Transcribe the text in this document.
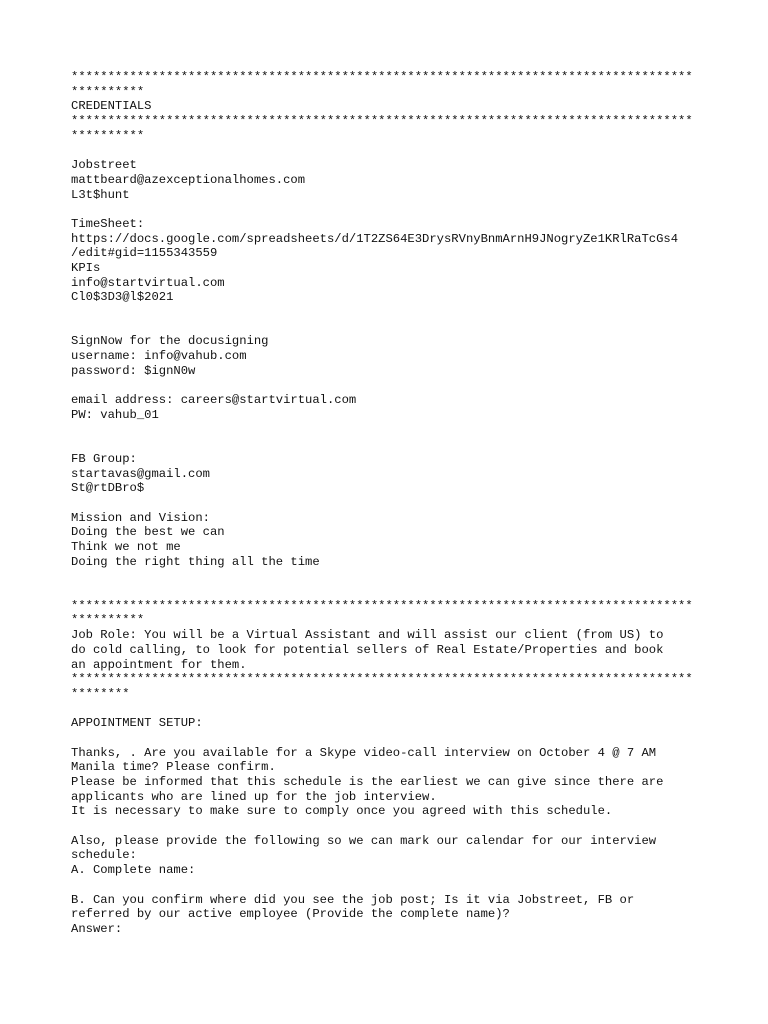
*************************************************************************************
**********
CREDENTIALS
*************************************************************************************
**********
Jobstreet
mattbeard@azexceptionalhomes.com
L3t$hunt
TimeSheet:
https://docs.google.com/spreadsheets/d/1T2ZS64E3DrysRVnyBnmArnH9JNogryZe1KRlRaTcGs4
/edit#gid=1155343559
KPIs
info@startvirtual.com
Cl0$3D3@l$2021
SignNow for the docusigning
username: info@vahub.com
password: $ignN0w
email address: careers@startvirtual.com
PW: vahub_01
FB Group:
startavas@gmail.com
St@rtDBro$
Mission and Vision:
Doing the best we can
Think we not me
Doing the right thing all the time
*************************************************************************************
**********
Job Role: You will be a Virtual Assistant and will assist our client (from US) to
do cold calling, to look for potential sellers of Real Estate/Properties and book
an appointment for them.
*************************************************************************************
********
APPOINTMENT SETUP:
Thanks, . Are you available for a Skype video-call interview on October 4 @ 7 AM
Manila time? Please confirm.
Please be informed that this schedule is the earliest we can give since there are
applicants who are lined up for the job interview.
It is necessary to make sure to comply once you agreed with this schedule.
Also, please provide the following so we can mark our calendar for our interview
schedule:
A. Complete name:
B. Can you confirm where did you see the job post; Is it via Jobstreet, FB or
referred by our active employee (Provide the complete name)?
Answer:
